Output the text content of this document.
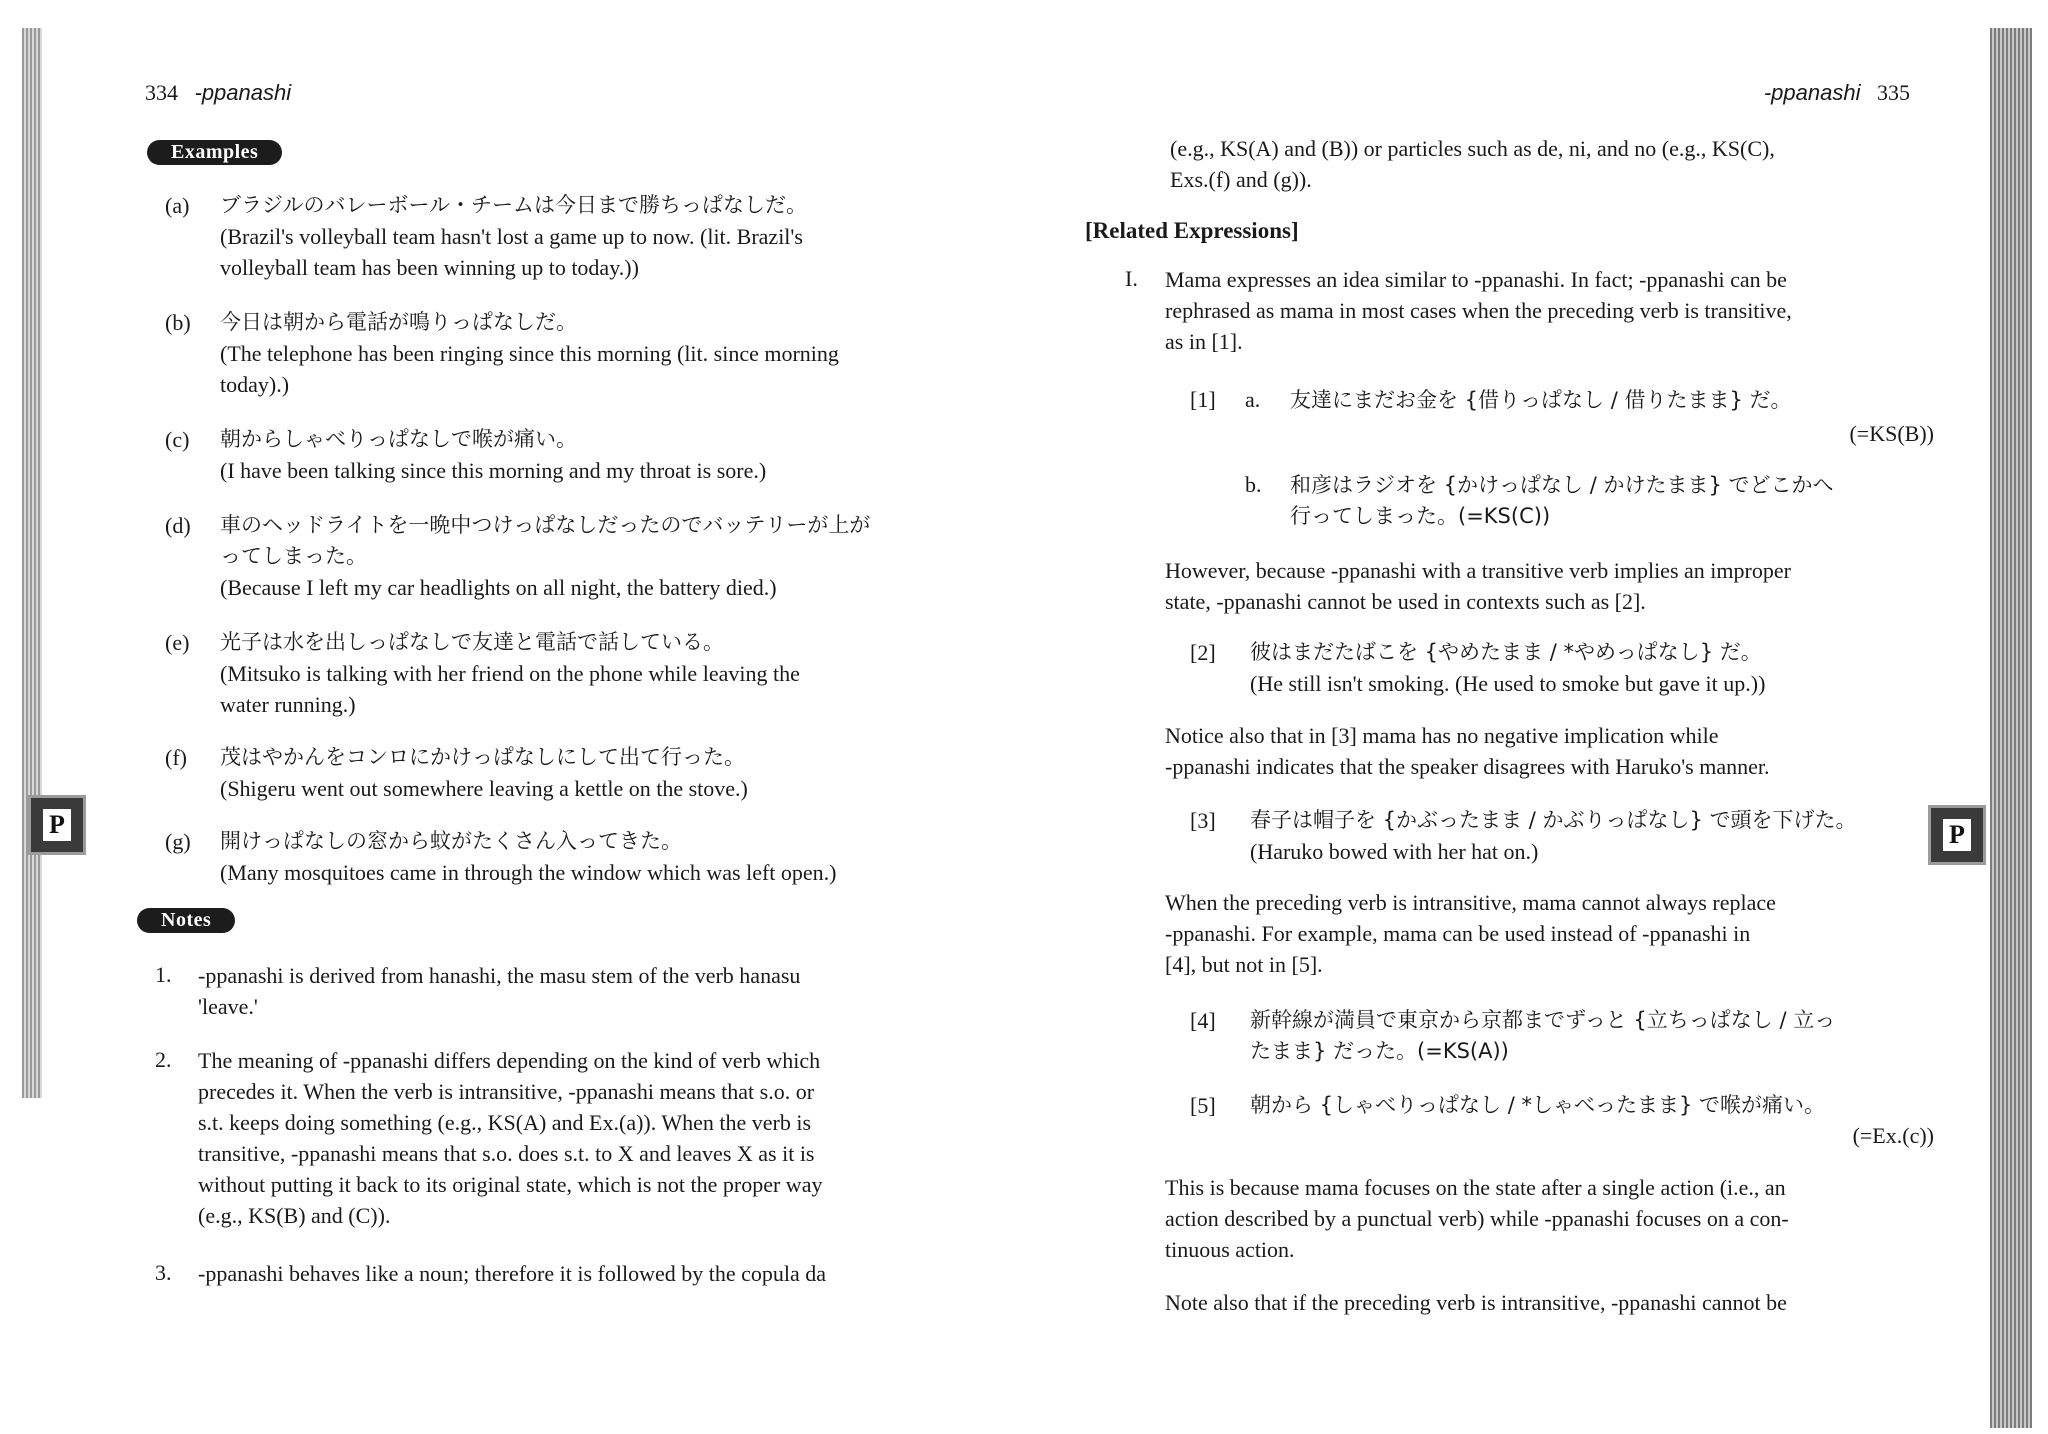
P	P
334 -ppanashi
Examples
(a) ブラジルのバレーボール・チームは今日まで勝ちっぱなしだ。
(Brazil's volleyball team hasn't lost a game up to now. (lit. Brazil's
volleyball team has been winning up to today.))
(b) 今日は朝から電話が鳴りっぱなしだ。
(The telephone has been ringing since this morning (lit. since morning
today).)
(c) 朝からしゃべりっぱなしで喉が痛い。
(I have been talking since this morning and my throat is sore.)
(d) 車のヘッドライトを一晩中つけっぱなしだったのでバッテリーが上が
ってしまった。
(Because I left my car headlights on all night, the battery died.)
(e) 光子は水を出しっぱなしで友達と電話で話している。
(Mitsuko is talking with her friend on the phone while leaving the
water running.)
(f) 茂はやかんをコンロにかけっぱなしにして出て行った。
(Shigeru went out somewhere leaving a kettle on the stove.)
(g) 開けっぱなしの窓から蚊がたくさん入ってきた。
(Many mosquitoes came in through the window which was left open.)
Notes
1. -ppanashi is derived from hanashi, the masu stem of the verb hanasu
'leave.'
2. The meaning of -ppanashi differs depending on the kind of verb which
precedes it. When the verb is intransitive, -ppanashi means that s.o. or
s.t. keeps doing something (e.g., KS(A) and Ex.(a)). When the verb is
transitive, -ppanashi means that s.o. does s.t. to X and leaves X as it is
without putting it back to its original state, which is not the proper way
(e.g., KS(B) and (C)).
3. -ppanashi behaves like a noun; therefore it is followed by the copula da
-ppanashi 335
(e.g., KS(A) and (B)) or particles such as de, ni, and no (e.g., KS(C),
Exs.(f) and (g)).
[Related Expressions]
I. Mama expresses an idea similar to -ppanashi. In fact; -ppanashi can be
rephrased as mama in most cases when the preceding verb is transitive,
as in [1].
[1] a. 友達にまだお金を {借りっぱなし / 借りたまま} だ。
(=KS(B))
b. 和彦はラジオを {かけっぱなし / かけたまま} でどこかへ
行ってしまった。(=KS(C))
However, because -ppanashi with a transitive verb implies an improper
state, -ppanashi cannot be used in contexts such as [2].
[2] 彼はまだたばこを {やめたまま / *やめっぱなし} だ。
(He still isn't smoking. (He used to smoke but gave it up.))
Notice also that in [3] mama has no negative implication while
-ppanashi indicates that the speaker disagrees with Haruko's manner.
[3] 春子は帽子を {かぶったまま / かぶりっぱなし} で頭を下げた。
(Haruko bowed with her hat on.)
When the preceding verb is intransitive, mama cannot always replace
-ppanashi. For example, mama can be used instead of -ppanashi in
[4], but not in [5].
[4] 新幹線が満員で東京から京都までずっと {立ちっぱなし / 立っ
たまま} だった。(=KS(A))
[5] 朝から {しゃべりっぱなし / *しゃべったまま} で喉が痛い。
(=Ex.(c))
This is because mama focuses on the state after a single action (i.e., an
action described by a punctual verb) while -ppanashi focuses on a con-
tinuous action.
Note also that if the preceding verb is intransitive, -ppanashi cannot be
